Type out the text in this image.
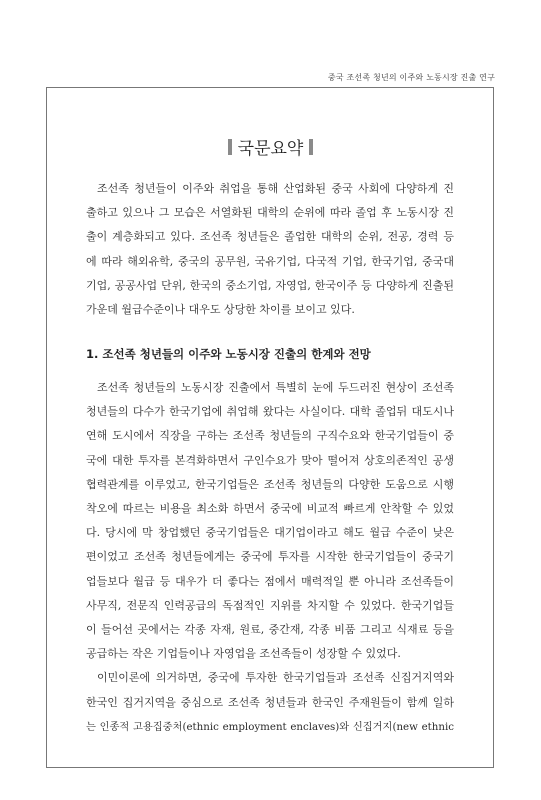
중국 조선족 청년의 이주와 노동시장 진출 연구
국문요약
조선족 청년들이 이주와 취업을 통해 산업화된 중국 사회에 다양하게 진
출하고 있으나 그 모습은 서열화된 대학의 순위에 따라 졸업 후 노동시장 진
출이 계층화되고 있다. 조선족 청년들은 졸업한 대학의 순위, 전공, 경력 등
에 따라 해외유학, 중국의 공무원, 국유기업, 다국적 기업, 한국기업, 중국대
기업, 공공사업 단위, 한국의 중소기업, 자영업, 한국이주 등 다양하게 진출된
가운데 월급수준이나 대우도 상당한 차이를 보이고 있다.
1. 조선족 청년들의 이주와 노동시장 진출의 한계와 전망
조선족 청년들의 노동시장 진출에서 특별히 눈에 두드러진 현상이 조선족
청년들의 다수가 한국기업에 취업해 왔다는 사실이다. 대학 졸업뒤 대도시나
연해 도시에서 직장을 구하는 조선족 청년들의 구직수요와 한국기업들이 중
국에 대한 투자를 본격화하면서 구인수요가 맞아 떨어져 상호의존적인 공생
협력관계를 이루었고, 한국기업들은 조선족 청년들의 다양한 도움으로 시행
착오에 따르는 비용을 최소화 하면서 중국에 비교적 빠르게 안착할 수 있었
다. 당시에 막 창업했던 중국기업들은 대기업이라고 해도 월급 수준이 낮은
편이었고 조선족 청년들에게는 중국에 투자를 시작한 한국기업들이 중국기
업들보다 월급 등 대우가 더 좋다는 점에서 매력적일 뿐 아니라 조선족들이
사무직, 전문직 인력공급의 독점적인 지위를 차지할 수 있었다. 한국기업들
이 들어선 곳에서는 각종 자재, 원료, 중간재, 각종 비품 그리고 식재료 등을
공급하는 작은 기업들이나 자영업을 조선족들이 성장할 수 있었다.
이민이론에 의거하면, 중국에 투자한 한국기업들과 조선족 신집거지역와
한국인 집거지역을 중심으로 조선족 청년들과 한국인 주재원들이 함께 일하
는 인종적 고용집중처(ethnic employment enclaves)와 신집거지(new ethnic
